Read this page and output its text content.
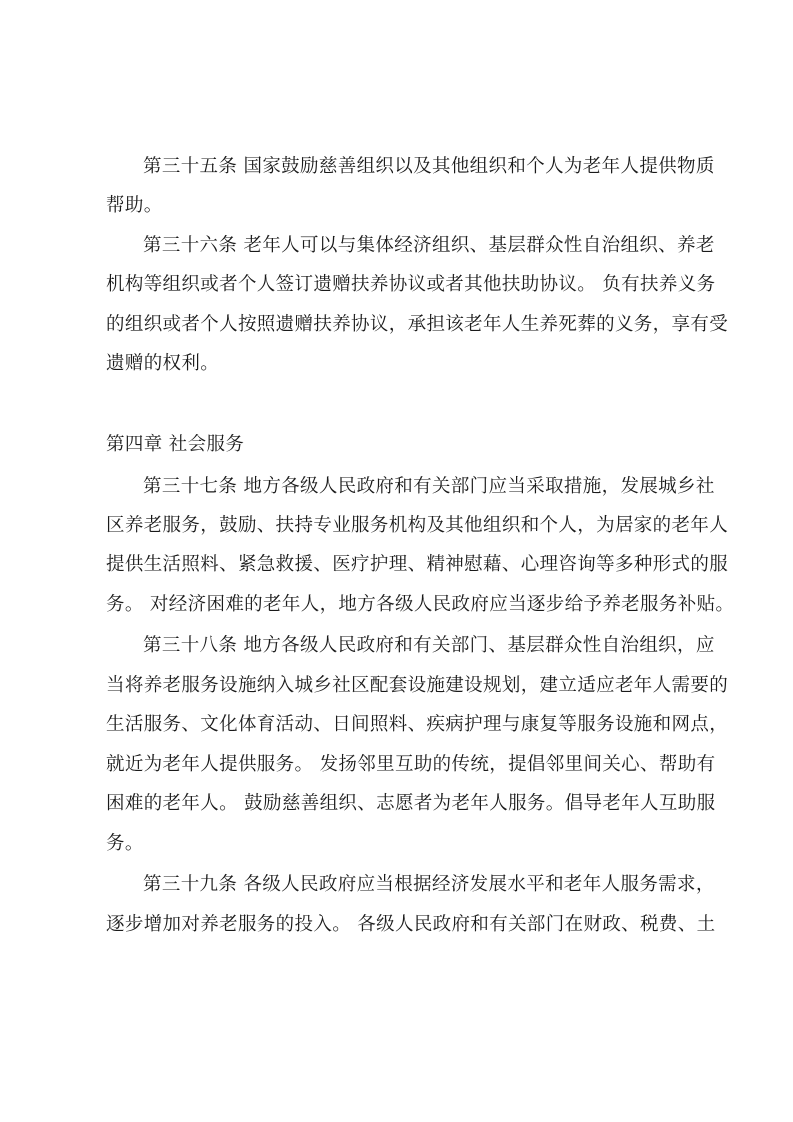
第三十五条 国家鼓励慈善组织以及其他组织和个人为老年人提供物质
帮助。
第三十六条 老年人可以与集体经济组织、基层群众性自治组织、养老
机构等组织或者个人签订遗赠扶养协议或者其他扶助协议。 负有扶养义务
的组织或者个人按照遗赠扶养协议，承担该老年人生养死葬的义务，享有受
遗赠的权利。
第四章 社会服务
第三十七条 地方各级人民政府和有关部门应当采取措施，发展城乡社
区养老服务，鼓励、扶持专业服务机构及其他组织和个人，为居家的老年人
提供生活照料、紧急救援、医疗护理、精神慰藉、心理咨询等多种形式的服
务。 对经济困难的老年人，地方各级人民政府应当逐步给予养老服务补贴。
第三十八条 地方各级人民政府和有关部门、基层群众性自治组织，应
当将养老服务设施纳入城乡社区配套设施建设规划，建立适应老年人需要的
生活服务、文化体育活动、日间照料、疾病护理与康复等服务设施和网点，
就近为老年人提供服务。 发扬邻里互助的传统，提倡邻里间关心、帮助有
困难的老年人。 鼓励慈善组织、志愿者为老年人服务。倡导老年人互助服
务。
第三十九条 各级人民政府应当根据经济发展水平和老年人服务需求，
逐步增加对养老服务的投入。 各级人民政府和有关部门在财政、税费、土
